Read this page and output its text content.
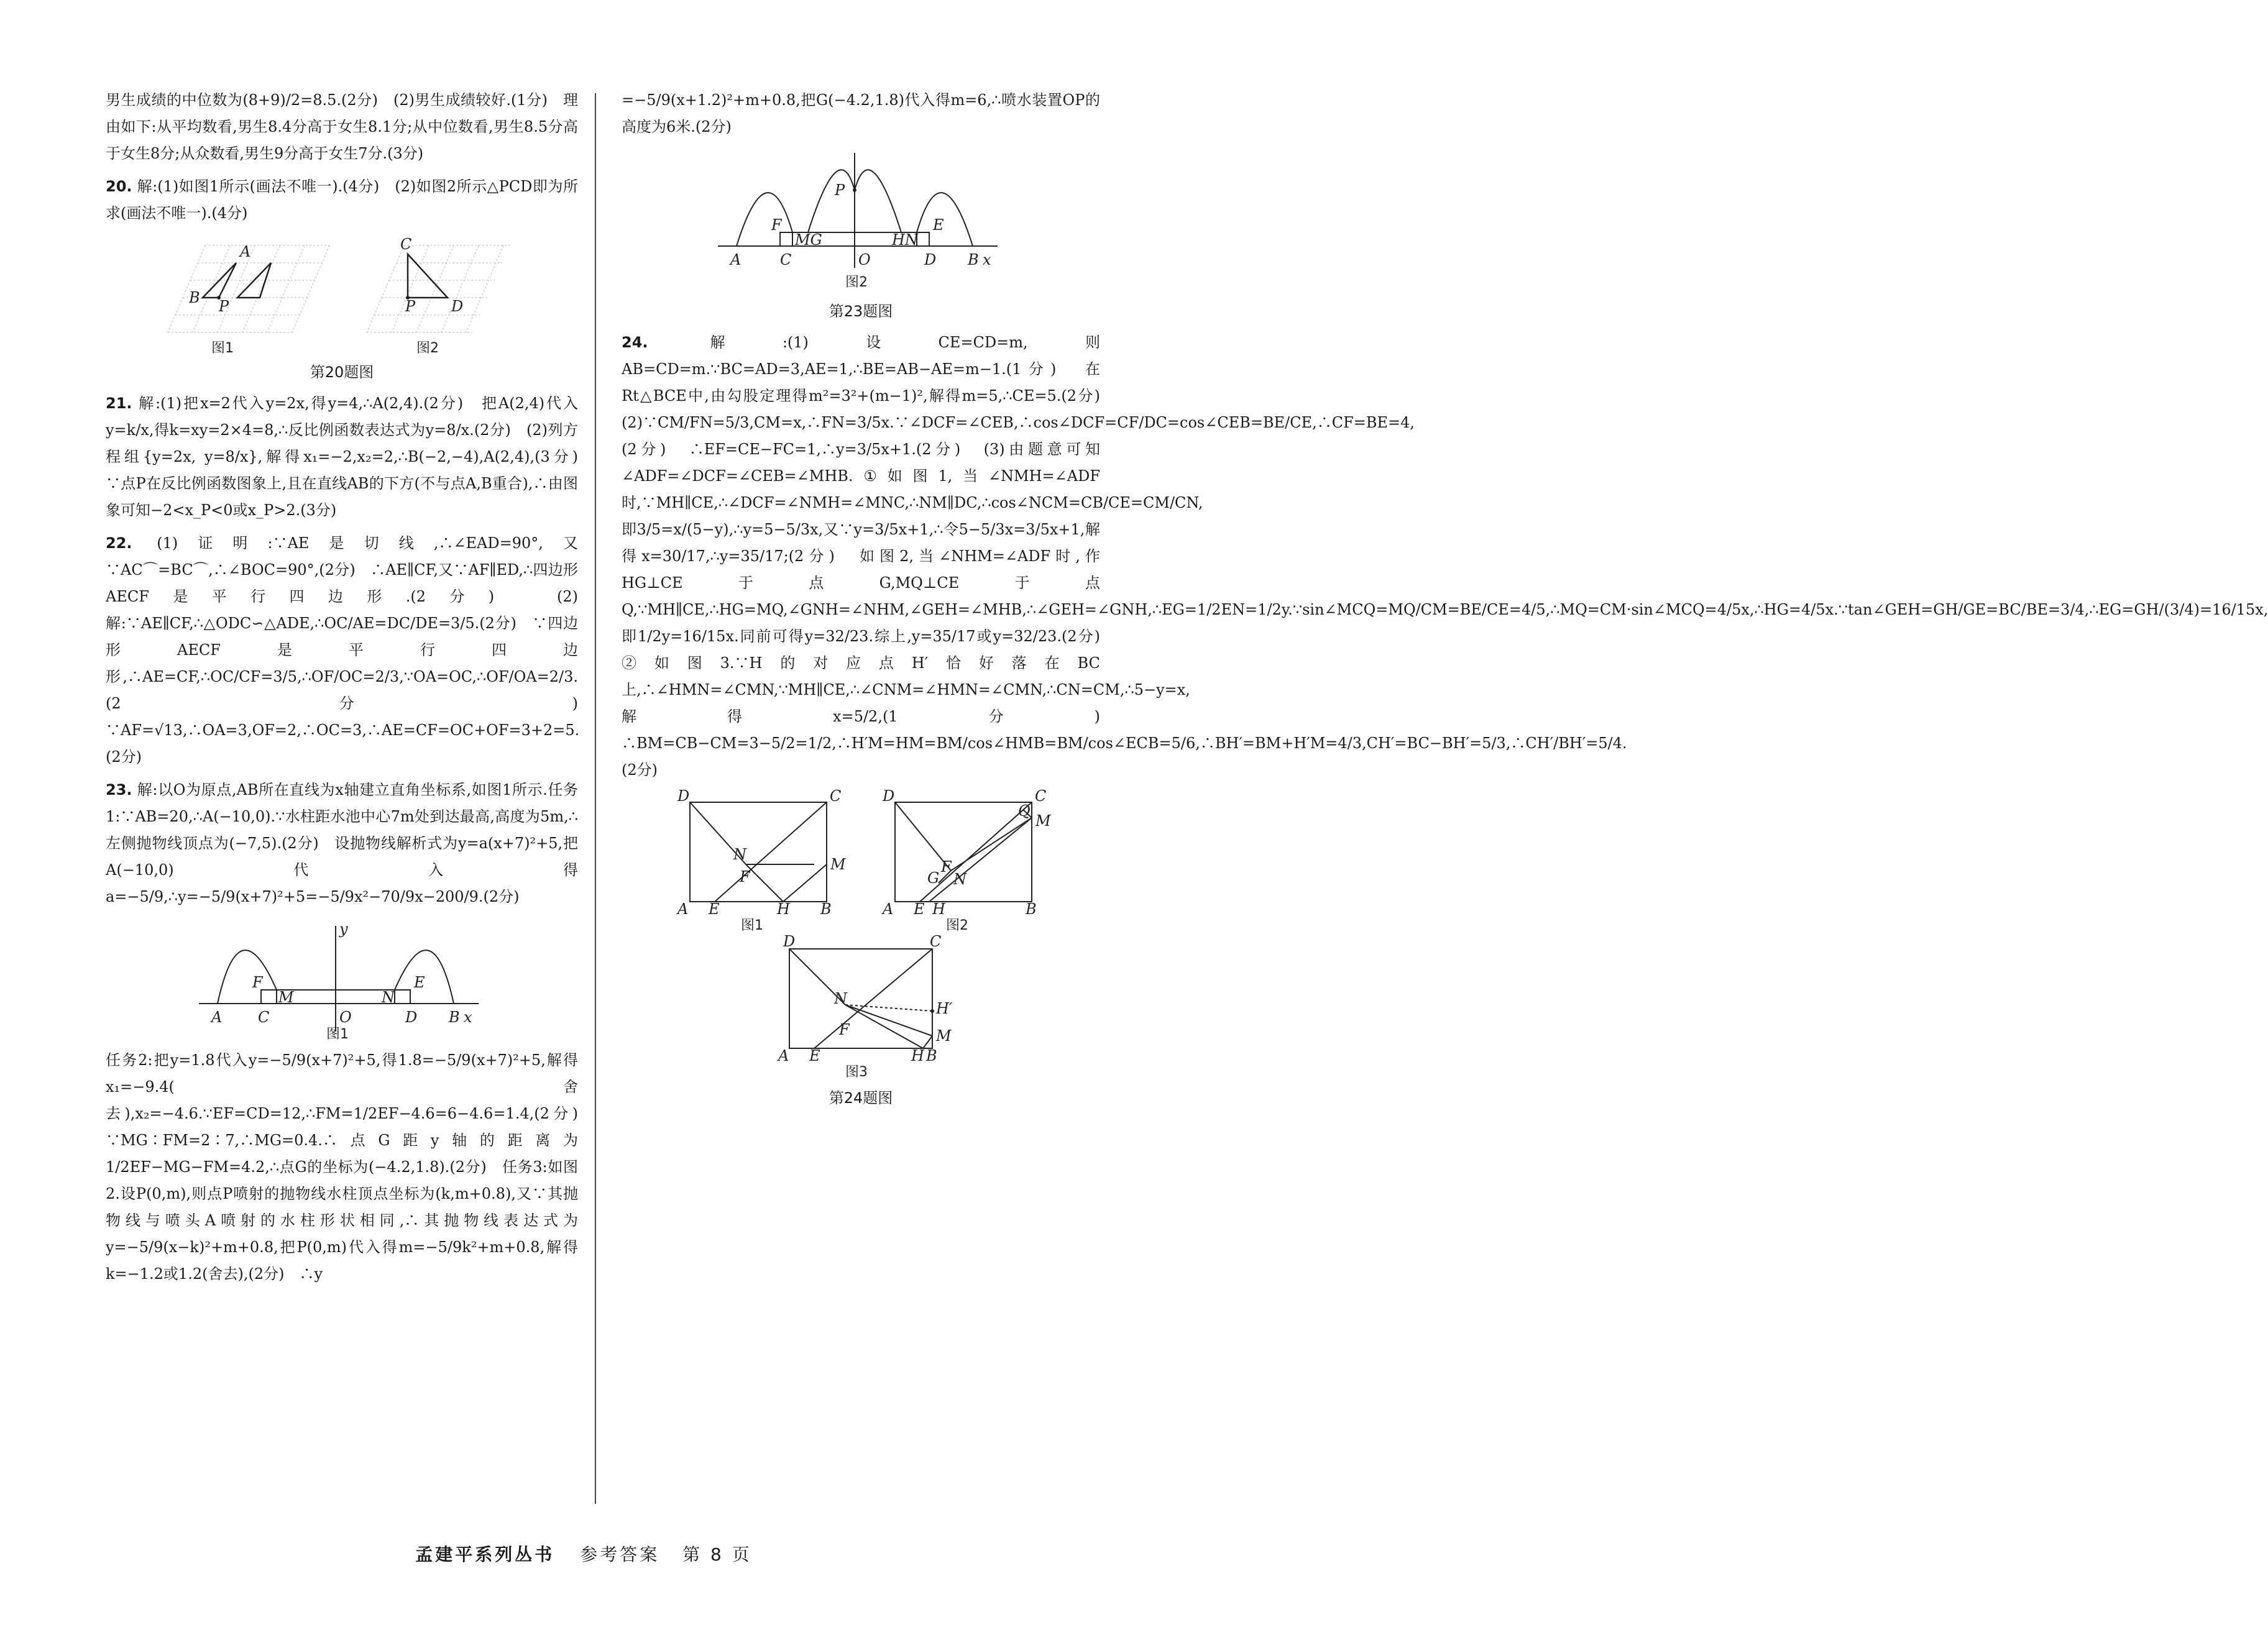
男生成绩的中位数为(8+9)/2=8.5.(2分)　(2)男生成绩较好.(1分)　理由如下:从平均数看,男生8.4分高于女生8.1分;从中位数看,男生8.5分高于女生8分;从众数看,男生9分高于女生7分.(3分)

20. 解:(1)如图1所示(画法不唯一).(4分)　(2)如图2所示△PCD即为所求(画法不唯一).(4分)

A
B P
图1
C
P D
图2
第20题图

21. 解:(1)把x=2代入y=2x,得y=4,∴A(2,4).(2分)　把A(2,4)代入y=k/x,得k=xy=2×4=8,∴反比例函数表达式为y=8/x.(2分)　(2)列方程组{y=2x, y=8/x},解得x₁=−2,x₂=2,∴B(−2,−4),A(2,4),(3分)　∵点P在反比例函数图象上,且在直线AB的下方(不与点A,B重合),∴由图象可知−2<x_P<0或x_P>2.(3分)

22. (1)证明:∵AE是切线,∴∠EAD=90°,又∵AC⌒=BC⌒,∴∠BOC=90°,(2分)　∴AE∥CF,又∵AF∥ED,∴四边形AECF是平行四边形.(2分)　(2)解:∵AE∥CF,∴△ODC∽△ADE,∴OC/AE=DC/DE=3/5.(2分)　∵四边形AECF是平行四边形,∴AE=CF,∴OC/CF=3/5,∴OF/OC=2/3,∵OA=OC,∴OF/OA=2/3.(2分)　∵AF=√13,∴OA=3,OF=2,∴OC=3,∴AE=CF=OC+OF=3+2=5.(2分)

23. 解:以O为原点,AB所在直线为x轴建立直角坐标系,如图1所示.任务1:∵AB=20,∴A(−10,0).∵水柱距水池中心7m处到达最高,高度为5m,∴左侧抛物线顶点为(−7,5).(2分)　设抛物线解析式为y=a(x+7)²+5,把A(−10,0)代入得a=−5/9,∴y=−5/9(x+7)²+5=−5/9x²−70/9x−200/9.(2分)

A C	O	D B x
y
F
M	N
E
图1

任务2:把y=1.8代入y=−5/9(x+7)²+5,得1.8=−5/9(x+7)²+5,解得x₁=−9.4(舍去),x₂=−4.6.∵EF=CD=12,∴FM=1/2EF−4.6=6−4.6=1.4,(2分)　∵MG∶FM=2∶7,∴MG=0.4.∴点G距y轴的距离为1/2EF−MG−FM=4.2,∴点G的坐标为(−4.2,1.8).(2分)　任务3:如图2.设P(0,m),则点P喷射的抛物线水柱顶点坐标为(k,m+0.8),又∵其抛物线与喷头A喷射的水柱形状相同,∴其抛物线表达式为y=−5/9(x−k)²+m+0.8,把P(0,m)代入得m=−5/9k²+m+0.8,解得k=−1.2或1.2(舍去),(2分)　∴y

=−5/9(x+1.2)²+m+0.8,把G(−4.2,1.8)代入得m=6,∴喷水装置OP的高度为6米.(2分)

P
A	C	O	D B x
F
MG	HN
E
图2
第23题图

24.	解:(1)设CE=CD=m,则AB=CD=m.∵BC=AD=3,AE=1,∴BE=AB−AE=m−1.(1分)　在Rt△BCE中,由勾股定理得m²=3²+(m−1)²,解得m=5,∴CE=5.(2分)　(2)∵CM/FN=5/3,CM=x,∴FN=3/5x.∵∠DCF=∠CEB,∴cos∠DCF=CF/DC=cos∠CEB=BE/CE,∴CF=BE=4,(2分)　∴EF=CE−FC=1,∴y=3/5x+1.(2分)　(3)由题意可知∠ADF=∠DCF=∠CEB=∠MHB.①如图1,当∠NMH=∠ADF时,∵MH∥CE,∴∠DCF=∠NMH=∠MNC,∴NM∥DC,∴cos∠NCM=CB/CE=CM/CN,即3/5=x/(5−y),∴y=5−5/3x,又∵y=3/5x+1,∴令5−5/3x=3/5x+1,解得x=30/17,∴y=35/17;(2分)　如图2,当∠NHM=∠ADF时,作HG⊥CE于点G,MQ⊥CE于点Q,∵MH∥CE,∴HG=MQ,∠GNH=∠NHM,∠GEH=∠MHB,∴∠GEH=∠GNH,∴EG=1/2EN=1/2y.∵sin∠MCQ=MQ/CM=BE/CE=4/5,∴MQ=CM·sin∠MCQ=4/5x,∴HG=4/5x.∵tan∠GEH=GH/GE=BC/BE=3/4,∴EG=GH/(3/4)=16/15x,即1/2y=16/15x.同前可得y=32/23.综上,y=35/17或y=32/23.(2分)　②如图3.∵H的对应点H′恰好落在BC上,∴∠HMN=∠CMN,∵MH∥CE,∴∠CNM=∠HMN=∠CMN,∴CN=CM,∴5−y=x,解得x=5/2,(1分)　∴BM=CB−CM=3−5/2=1/2,∴H′M=HM=BM/cos∠HMB=BM/cos∠ECB=5/6,∴BH′=BM+H′M=4/3,CH′=BC−BH′=5/3,∴CH′/BH′=5/4.(2分)

D	C
A E	H B
N
F
M
图1
D	C
A E H	B
Q
M
G
F
N
图2
D	C
A E	H B
N
F
H′
M
图3
第24题图
孟建平系列丛书 参考答案 第 8 页
